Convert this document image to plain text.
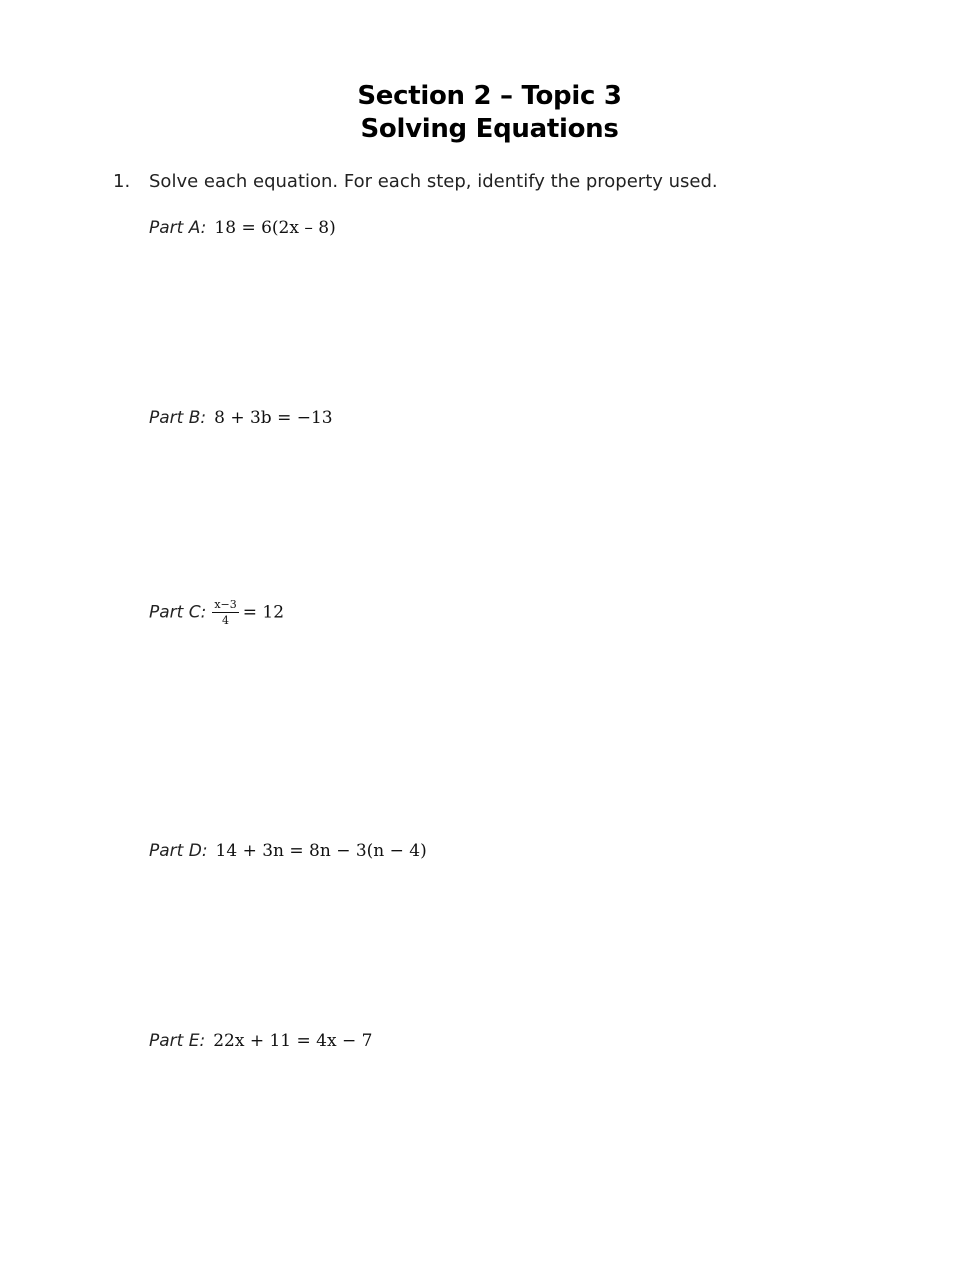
Section 2 – Topic 3
Solving Equations
1. Solve each equation. For each step, identify the property used.
Part A: 18 = 6(2x – 8)
Part B: 8 + 3b = −13
Part C: $\frac{x-3}{4} = 12$
Part D: 14 + 3n = 8n − 3(n − 4)
Part E: 22x + 11 = 4x − 7
